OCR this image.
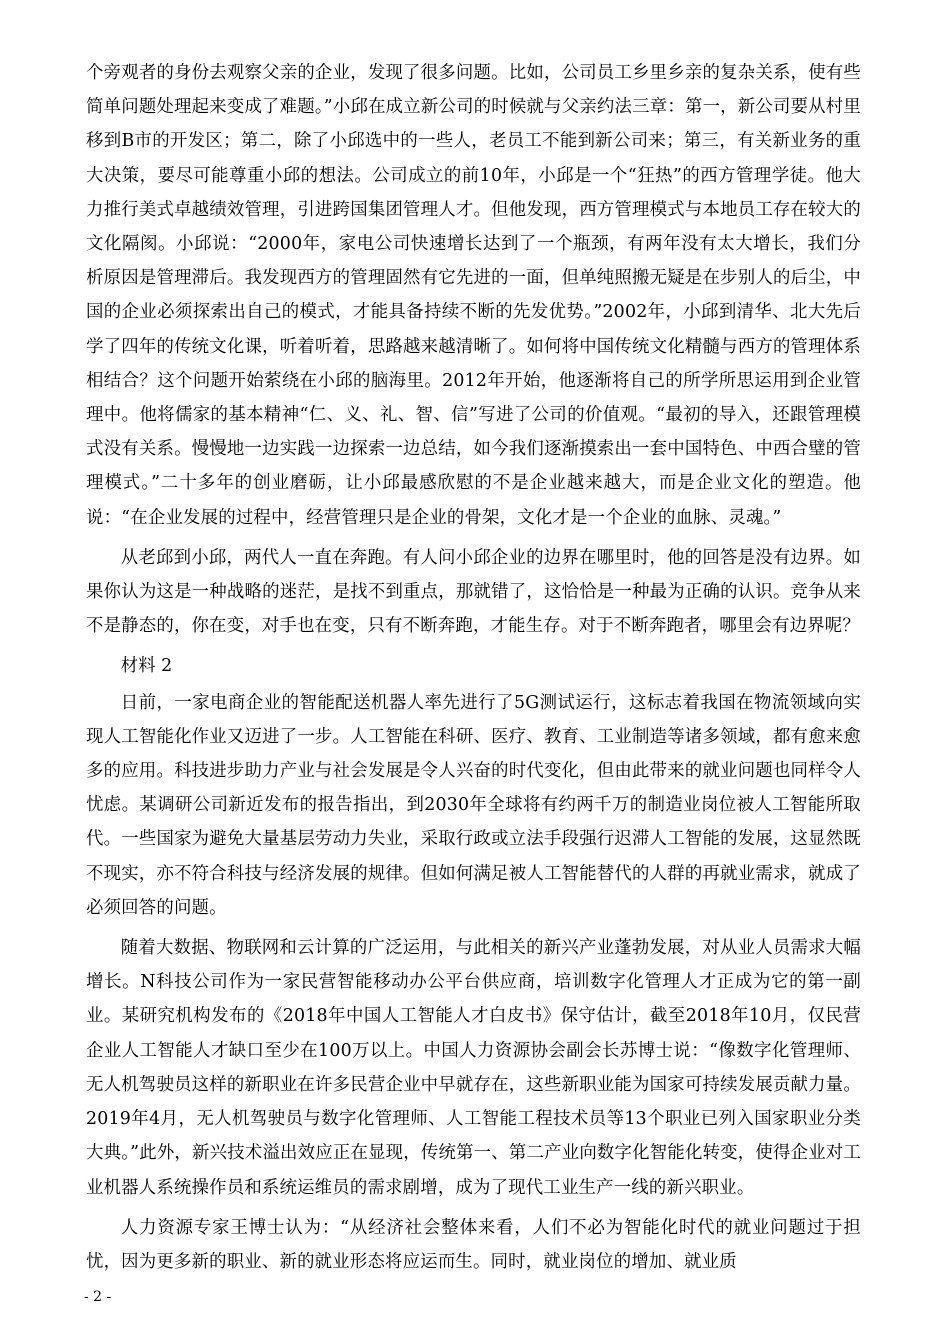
个旁观者的身份去观察父亲的企业，发现了很多问题。比如，公司员工乡里乡亲的复杂关系，使有些简单问题处理起来变成了难题。”小邱在成立新公司的时候就与父亲约法三章：第一，新公司要从村里移到B市的开发区；第二，除了小邱选中的一些人，老员工不能到新公司来；第三，有关新业务的重大决策，要尽可能尊重小邱的想法。公司成立的前10年，小邱是一个“狂热”的西方管理学徒。他大力推行美式卓越绩效管理，引进跨国集团管理人才。但他发现，西方管理模式与本地员工存在较大的文化隔阂。小邱说：“2000年，家电公司快速增长达到了一个瓶颈，有两年没有太大增长，我们分析原因是管理滞后。我发现西方的管理固然有它先进的一面，但单纯照搬无疑是在步别人的后尘，中国的企业必须探索出自己的模式，才能具备持续不断的先发优势。”2002年，小邱到清华、北大先后学了四年的传统文化课，听着听着，思路越来越清晰了。如何将中国传统文化精髓与西方的管理体系相结合？这个问题开始萦绕在小邱的脑海里。2012年开始，他逐渐将自己的所学所思运用到企业管理中。他将儒家的基本精神“仁、义、礼、智、信”写进了公司的价值观。“最初的导入，还跟管理模式没有关系。慢慢地一边实践一边探索一边总结，如今我们逐渐摸索出一套中国特色、中西合璧的管理模式。”二十多年的创业磨砺，让小邱最感欣慰的不是企业越来越大，而是企业文化的塑造。他说：“在企业发展的过程中，经营管理只是企业的骨架，文化才是一个企业的血脉、灵魂。”

从老邱到小邱，两代人一直在奔跑。有人问小邱企业的边界在哪里时，他的回答是没有边界。如果你认为这是一种战略的迷茫，是找不到重点，那就错了，这恰恰是一种最为正确的认识。竞争从来不是静态的，你在变，对手也在变，只有不断奔跑，才能生存。对于不断奔跑者，哪里会有边界呢？

材料 2

日前，一家电商企业的智能配送机器人率先进行了5G测试运行，这标志着我国在物流领域向实现人工智能化作业又迈进了一步。人工智能在科研、医疗、教育、工业制造等诸多领域，都有愈来愈多的应用。科技进步助力产业与社会发展是令人兴奋的时代变化，但由此带来的就业问题也同样令人忧虑。某调研公司新近发布的报告指出，到2030年全球将有约两千万的制造业岗位被人工智能所取代。一些国家为避免大量基层劳动力失业，采取行政或立法手段强行迟滞人工智能的发展，这显然既不现实，亦不符合科技与经济发展的规律。但如何满足被人工智能替代的人群的再就业需求，就成了必须回答的问题。

随着大数据、物联网和云计算的广泛运用，与此相关的新兴产业蓬勃发展，对从业人员需求大幅增长。N科技公司作为一家民营智能移动办公平台供应商，培训数字化管理人才正成为它的第一副业。某研究机构发布的《2018年中国人工智能人才白皮书》保守估计，截至2018年10月，仅民营企业人工智能人才缺口至少在100万以上。中国人力资源协会副会长苏博士说：“像数字化管理师、无人机驾驶员这样的新职业在许多民营企业中早就存在，这些新职业能为国家可持续发展贡献力量。2019年4月，无人机驾驶员与数字化管理师、人工智能工程技术员等13个职业已列入国家职业分类大典。”此外，新兴技术溢出效应正在显现，传统第一、第二产业向数字化智能化转变，使得企业对工业机器人系统操作员和系统运维员的需求剧增，成为了现代工业生产一线的新兴职业。

人力资源专家王博士认为：“从经济社会整体来看，人们不必为智能化时代的就业问题过于担忧，因为更多新的职业、新的就业形态将应运而生。同时，就业岗位的增加、就业质

- 2 -
